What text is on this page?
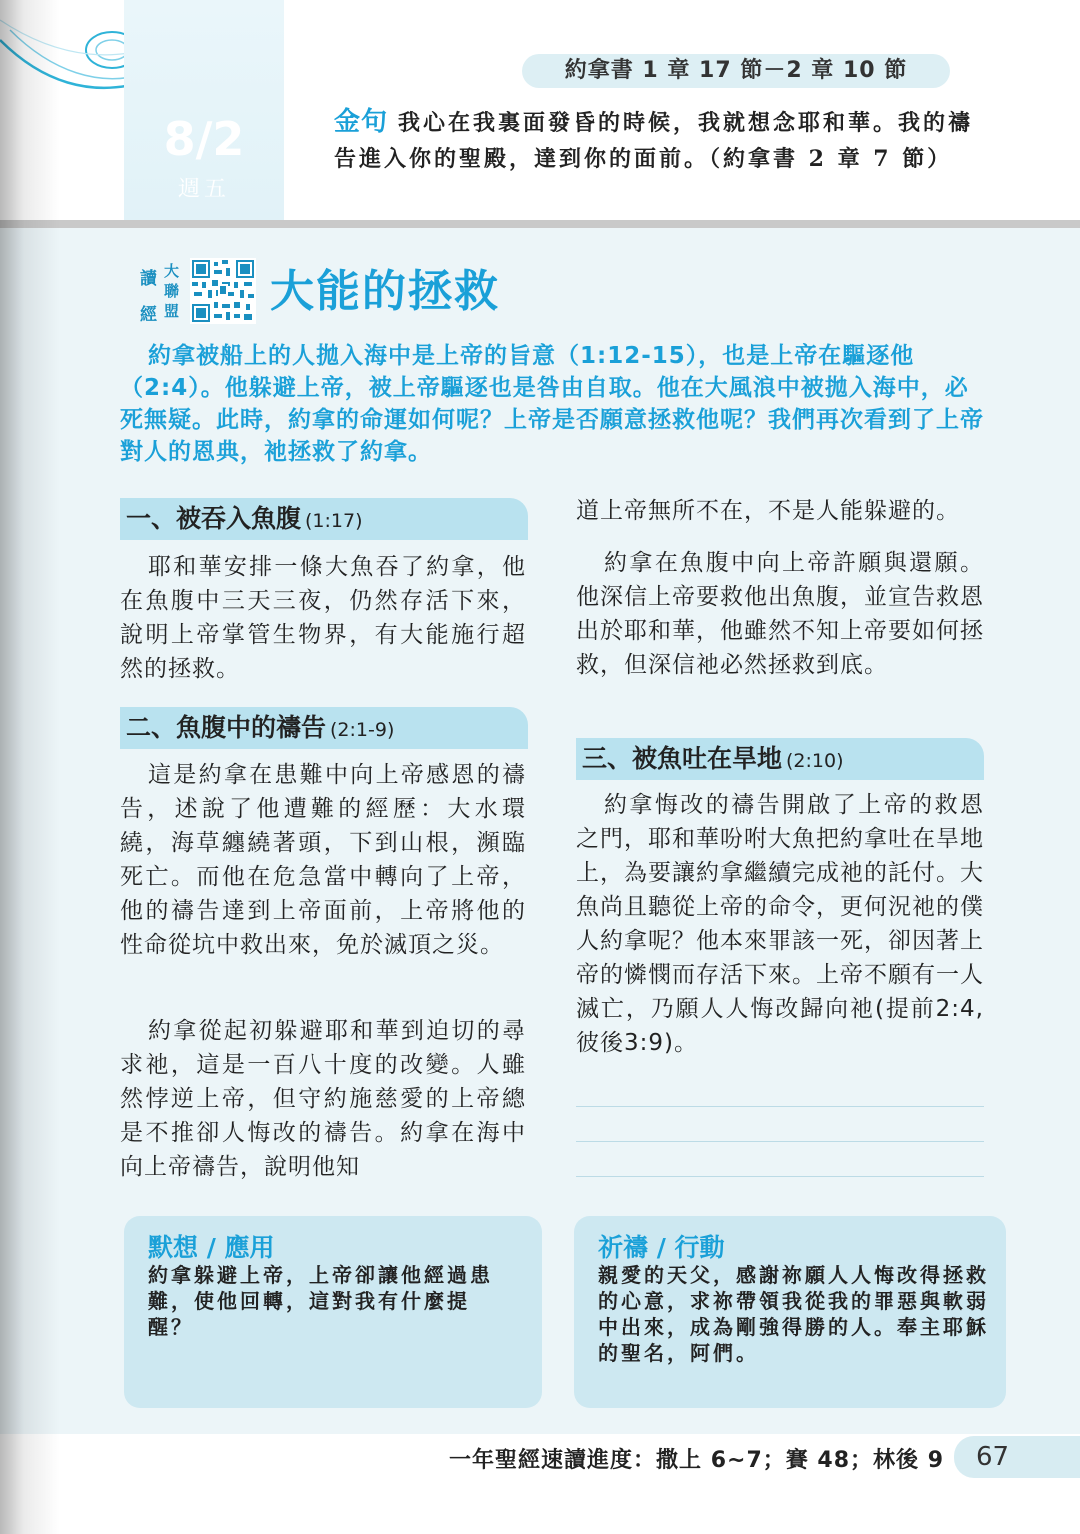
8/2
週五
約拿書 1 章 17 節－2 章 10 節
金句 我心在我裏面發昏的時候，我就想念耶和華。我的禱告進入你的聖殿，達到你的面前。（約拿書 2 章 7 節）
讀 大
聯
經 盟 大能的拯救
約拿被船上的人拋入海中是上帝的旨意（1:12-15），也是上帝在驅逐他（2:4）。他躲避上帝，被上帝驅逐也是咎由自取。他在大風浪中被拋入海中，必死無疑。此時，約拿的命運如何呢？上帝是否願意拯救他呢？我們再次看到了上帝對人的恩典，祂拯救了約拿。
一、被吞入魚腹 (1:17)
耶和華安排一條大魚吞了約拿，他在魚腹中三天三夜，仍然存活下來，說明上帝掌管生物界，有大能施行超然的拯救。
二、魚腹中的禱告 (2:1-9)
這是約拿在患難中向上帝感恩的禱告，述說了他遭難的經歷：大水環繞，海草纏繞著頭，下到山根，瀕臨死亡。而他在危急當中轉向了上帝，他的禱告達到上帝面前，上帝將他的性命從坑中救出來，免於滅頂之災。
約拿從起初躲避耶和華到迫切的尋求祂，這是一百八十度的改變。人雖然悖逆上帝，但守約施慈愛的上帝總是不推卻人悔改的禱告。約拿在海中向上帝禱告，說明他知
道上帝無所不在，不是人能躲避的。
約拿在魚腹中向上帝許願與還願。他深信上帝要救他出魚腹，並宣告救恩出於耶和華，他雖然不知上帝要如何拯救，但深信祂必然拯救到底。
三、被魚吐在旱地 (2:10)
約拿悔改的禱告開啟了上帝的救恩之門，耶和華吩咐大魚把約拿吐在旱地上，為要讓約拿繼續完成祂的託付。大魚尚且聽從上帝的命令，更何況祂的僕人約拿呢？他本來罪該一死，卻因著上帝的憐憫而存活下來。上帝不願有一人滅亡，乃願人人悔改歸向祂(提前2:4,彼後3:9)。
默想 / 應用
約拿躲避上帝，上帝卻讓他經過患難，使他回轉，這對我有什麼提醒？
祈禱 / 行動
親愛的天父，感謝祢願人人悔改得拯救的心意，求祢帶領我從我的罪惡與軟弱中出來，成為剛強得勝的人。奉主耶穌的聖名，阿們。
一年聖經速讀進度：撒上 6~7；賽 48；林後 9	67
